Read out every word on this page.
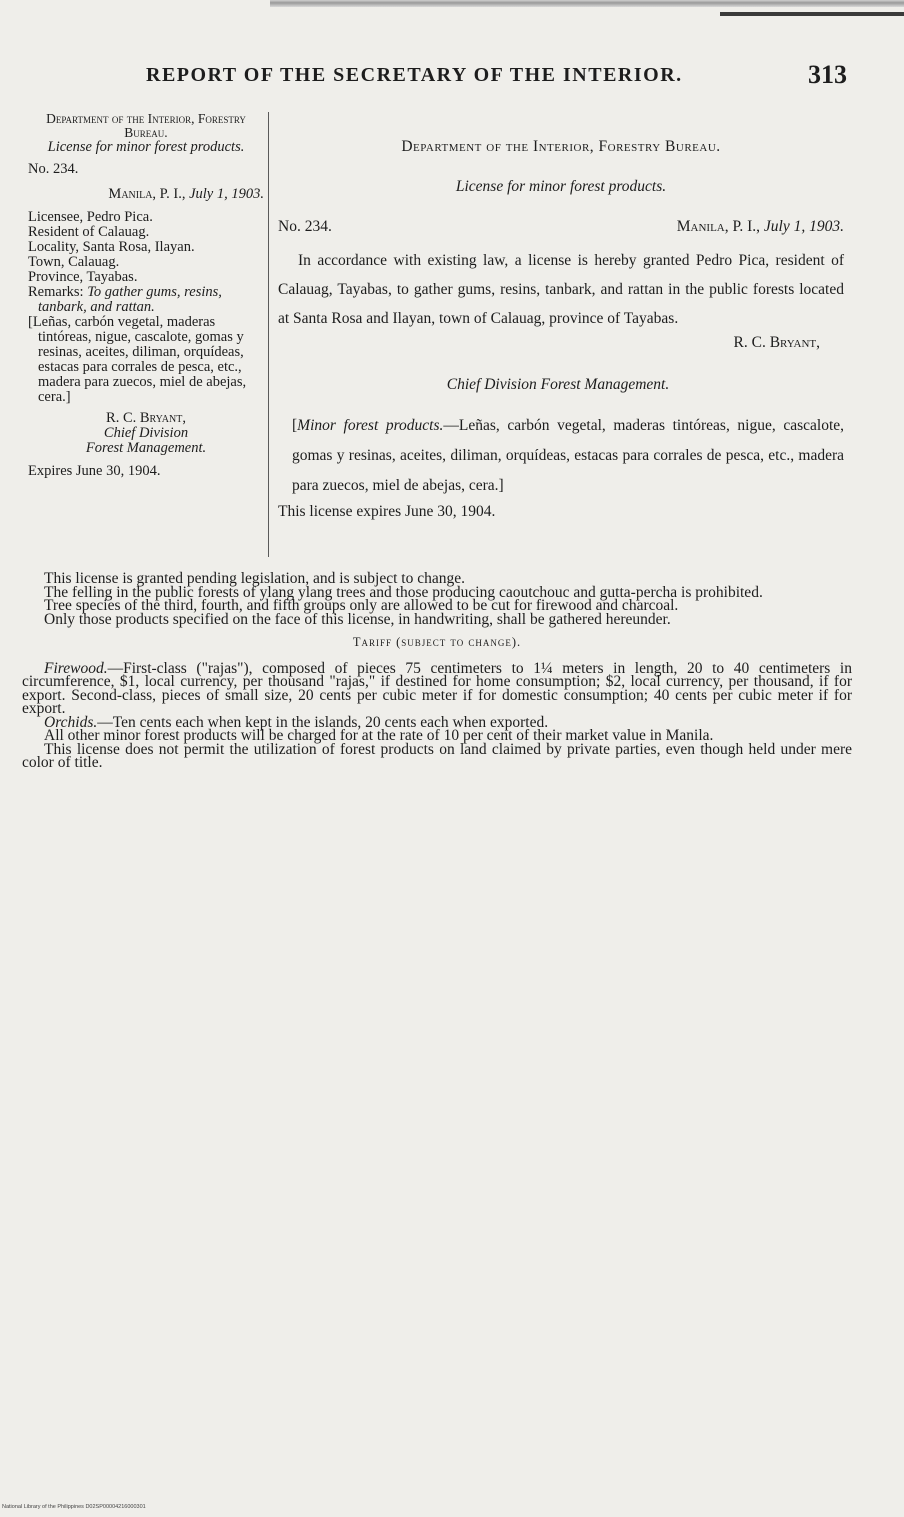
REPORT OF THE SECRETARY OF THE INTERIOR.	313

Department of the Interior, Forestry Bureau.

License for minor forest products.

No. 234.

Manila, P. I., July 1, 1903.

Licensee, Pedro Pica.
Resident of Calauag.
Locality, Santa Rosa, Ilayan.
Town, Calauag.
Province, Tayabas.
Remarks: To gather gums, resins, tanbark, and rattan.
[Leñas, carbón vegetal, maderas tintóreas, nigue, cascalote, gomas y resinas, aceites, diliman, orquídeas, estacas para corrales de pesca, etc., madera para zuecos, miel de abejas, cera.]
R. C. Bryant,
Chief Division
Forest Management.

Expires June 30, 1904.

Department of the Interior, Forestry Bureau.

License for minor forest products.

No. 234.	Manila, P. I., July 1, 1903.

In accordance with existing law, a license is hereby granted Pedro Pica, resident of Calauag, Tayabas, to gather gums, resins, tanbark, and rattan in the public forests located at Santa Rosa and Ilayan, town of Calauag, province of Tayabas.

R. C. Bryant,
Chief Division Forest Management.

[Minor forest products.—Leñas, carbón vegetal, maderas tintóreas, nigue, cascalote, gomas y resinas, aceites, diliman, orquídeas, estacas para corrales de pesca, etc., madera para zuecos, miel de abejas, cera.]

This license expires June 30, 1904.

This license is granted pending legislation, and is subject to change.

The felling in the public forests of ylang ylang trees and those producing caoutchouc and gutta-percha is prohibited.

Tree species of the third, fourth, and fifth groups only are allowed to be cut for firewood and charcoal.

Only those products specified on the face of this license, in handwriting, shall be gathered hereunder.

Tariff (subject to change).

Firewood.—First-class ("rajas"), composed of pieces 75 centimeters to 1¼ meters in length, 20 to 40 centimeters in circumference, $1, local currency, per thousand "rajas," if destined for home consumption; $2, local currency, per thousand, if for export. Second-class, pieces of small size, 20 cents per cubic meter if for domestic consumption; 40 cents per cubic meter if for export.

Orchids.—Ten cents each when kept in the islands, 20 cents each when exported.

All other minor forest products will be charged for at the rate of 10 per cent of their market value in Manila.

This license does not permit the utilization of forest products on land claimed by private parties, even though held under mere color of title.

National Library of the Philippines D02SP00004216000301
